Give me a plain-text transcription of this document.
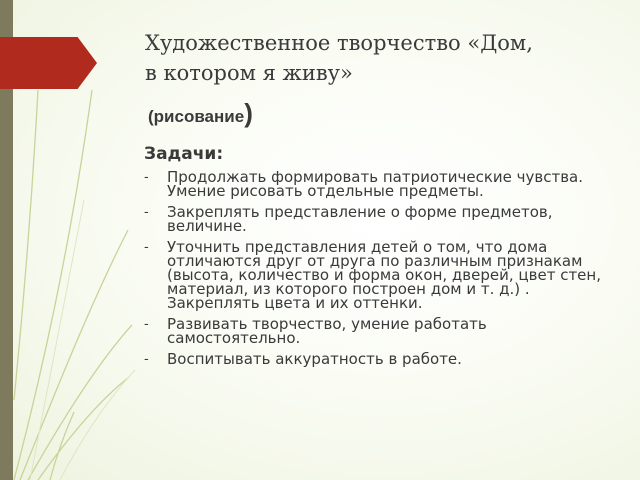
Художественное творчество «Дом, в котором я живу»
(рисование)
Задачи:
- Продолжать формировать патриотические чувства. Умение рисовать отдельные предметы.
- Закреплять представление о форме предметов, величине.
- Уточнить представления детей о том, что дома отличаются друг от друга по различным признакам (высота, количество и форма окон, дверей, цвет стен, материал, из которого построен дом и т. д.) . Закреплять цвета и их оттенки.
- Развивать творчество, умение работать самостоятельно.
- Воспитывать аккуратность в работе.
